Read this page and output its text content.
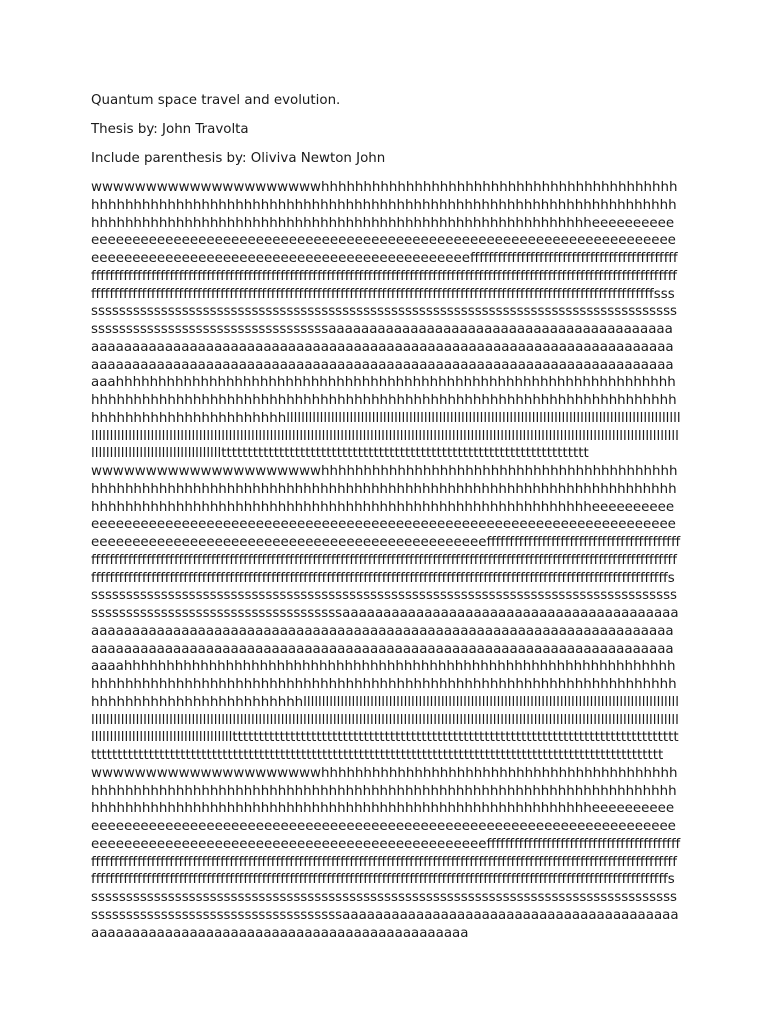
Quantum space travel and evolution.

Thesis by: John Travolta

Include parenthesis by: Oliviva Newton John

wwwwwwwwwwwwwwwwwwwwwhhhhhhhhhhhhhhhhhhhhhhhhhhhhhhhhhhhhhhhhhhhhhhhhhhhhhhhhhhhhhhhhhhhhhhhhhhhhhhhhhhhhhhhhhhhhhhhhhhhhhhhhhhhhhhhhhhhhhhhhhhhhhhhhhhhhhhhhhhhhhhhhhhhhhhhhhhhhhhhhhhhhhhhhhheeeeeeeeeeeeeeeeeeeeeeeeeeeeeeeeeeeeeeeeeeeeeeeeeeeeeeeeeeeeeeeeeeeeeeeeeeeeeeeeeeeeeeeeeeeeeeeeeeeeeeeeeeeeeeeeeeeeeeeeeeeeeeeffffffffffffffffffffffffffffffffffffffffffffffffffffffffffffffffffffffffffffffffffffffffffffffffffffffffffffffffffffffffffffffffffffffffffffffffffffffffffffffffffffffffffffffffffffffffffffffffffffffffffffffffffffffffffffffffffffffffffffffffffffffffffffffffffffffffffffffffffffffffffffffffffffffsssssssssssssssssssssssssssssssssssssssssssssssssssssssssssssssssssssssssssssssssssssssssssssssssssssssssssssssssssssssssaaaaaaaaaaaaaaaaaaaaaaaaaaaaaaaaaaaaaaaaaaaaaaaaaaaaaaaaaaaaaaaaaaaaaaaaaaaaaaaaaaaaaaaaaaaaaaaaaaaaaaaaaaaaaaaaaaaaaaaaaaaaaaaaaaaaaaaaaaaaaaaaaaaaaaaaaaaaaaaaaaaaaaaaaaaaaaaaaaaaaaaaaaahhhhhhhhhhhhhhhhhhhhhhhhhhhhhhhhhhhhhhhhhhhhhhhhhhhhhhhhhhhhhhhhhhhhhhhhhhhhhhhhhhhhhhhhhhhhhhhhhhhhhhhhhhhhhhhhhhhhhhhhhhhhhhhhhhhhhhhhhhhhhhhhhhhhhhhhhhhhhhllllllllllllllllllllllllllllllllllllllllllllllllllllllllllllllllllllllllllllllllllllllllllllllllllllllllllllllllllllllllllllllllllllllllllllllllllllllllllllllllllllllllllllllllllllllllllllllllllllllllllllllllllllllllllllllllllllllllllllllllllllllllllllllllllllllllllllllllllllllllllllllllllllllllllltttttttttttttttttttttttttttttttttttttttttttttttttttttttttttttttttttttt

wwwwwwwwwwwwwwwwwwwwwhhhhhhhhhhhhhhhhhhhhhhhhhhhhhhhhhhhhhhhhhhhhhhhhhhhhhhhhhhhhhhhhhhhhhhhhhhhhhhhhhhhhhhhhhhhhhhhhhhhhhhhhhhhhhhhhhhhhhhhhhhhhhhhhhhhhhhhhhhhhhhhhhhhhhhhhhhhhhhhhhhhhhhhhhheeeeeeeeeeeeeeeeeeeeeeeeeeeeeeeeeeeeeeeeeeeeeeeeeeeeeeeeeeeeeeeeeeeeeeeeeeeeeeeeeeeeeeeeeeeeeeeeeeeeeeeeeeeeeeeeeeeeeeeeeeeeeeeeeffffffffffffffffffffffffffffffffffffffffffffffffffffffffffffffffffffffffffffffffffffffffffffffffffffffffffffffffffffffffffffffffffffffffffffffffffffffffffffffffffffffffffffffffffffffffffffffffffffffffffffffffffffffffffffffffffffffffffffffffffffffffffffffffffffffffffffffffffffffffffffffffffffffsssssssssssssssssssssssssssssssssssssssssssssssssssssssssssssssssssssssssssssssssssssssssssssssssssssssssssssssssssssssssaaaaaaaaaaaaaaaaaaaaaaaaaaaaaaaaaaaaaaaaaaaaaaaaaaaaaaaaaaaaaaaaaaaaaaaaaaaaaaaaaaaaaaaaaaaaaaaaaaaaaaaaaaaaaaaaaaaaaaaaaaaaaaaaaaaaaaaaaaaaaaaaaaaaaaaaaaaaaaaaaaaaaaaaaaaaaaaaaaaaaaaaaaahhhhhhhhhhhhhhhhhhhhhhhhhhhhhhhhhhhhhhhhhhhhhhhhhhhhhhhhhhhhhhhhhhhhhhhhhhhhhhhhhhhhhhhhhhhhhhhhhhhhhhhhhhhhhhhhhhhhhhhhhhhhhhhhhhhhhhhhhhhhhhhhhhhhhhhhhhhhhhhllllllllllllllllllllllllllllllllllllllllllllllllllllllllllllllllllllllllllllllllllllllllllllllllllllllllllllllllllllllllllllllllllllllllllllllllllllllllllllllllllllllllllllllllllllllllllllllllllllllllllllllllllllllllllllllllllllllllllllllllllllllllllllllllllllllllllllllllllllllllllllllllllllllllltttttttttttttttttttttttttttttttttttttttttttttttttttttttttttttttttttttttttttttttttttttttttttttttttttttttttttttttttttttttttttttttttttttttttttttttttttttttttttttttttttttttttttttttttttttttttttttttttt

wwwwwwwwwwwwwwwwwwwwwhhhhhhhhhhhhhhhhhhhhhhhhhhhhhhhhhhhhhhhhhhhhhhhhhhhhhhhhhhhhhhhhhhhhhhhhhhhhhhhhhhhhhhhhhhhhhhhhhhhhhhhhhhhhhhhhhhhhhhhhhhhhhhhhhhhhhhhhhhhhhhhhhhhhhhhhhhhhhhhhhhhhhhhhhheeeeeeeeeeeeeeeeeeeeeeeeeeeeeeeeeeeeeeeeeeeeeeeeeeeeeeeeeeeeeeeeeeeeeeeeeeeeeeeeeeeeeeeeeeeeeeeeeeeeeeeeeeeeeeeeeeeeeeeeeeeeeeeeeffffffffffffffffffffffffffffffffffffffffffffffffffffffffffffffffffffffffffffffffffffffffffffffffffffffffffffffffffffffffffffffffffffffffffffffffffffffffffffffffffffffffffffffffffffffffffffffffffffffffffffffffffffffffffffffffffffffffffffffffffffffffffffffffffffffffffffffffffffffffffffffffffffffsssssssssssssssssssssssssssssssssssssssssssssssssssssssssssssssssssssssssssssssssssssssssssssssssssssssssssssssssssssssssaaaaaaaaaaaaaaaaaaaaaaaaaaaaaaaaaaaaaaaaaaaaaaaaaaaaaaaaaaaaaaaaaaaaaaaaaaaaaaaaaaaaaaa
